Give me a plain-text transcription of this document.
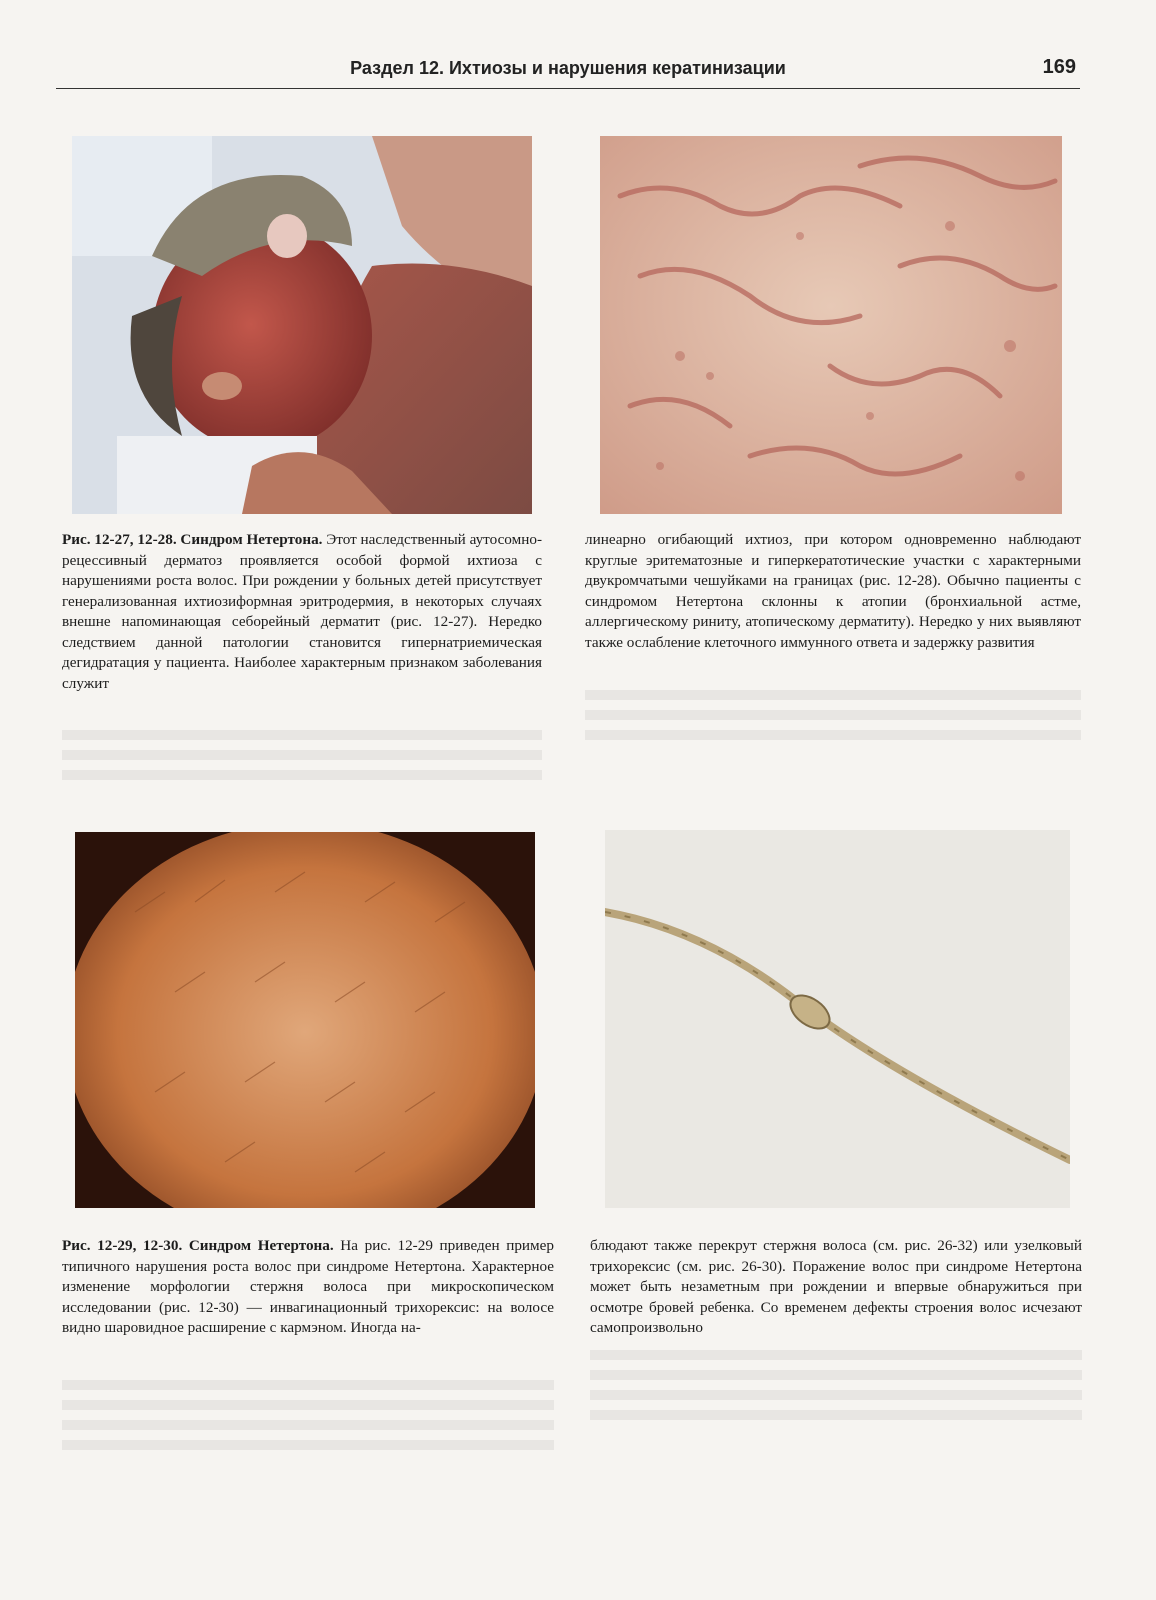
Раздел 12. Ихтиозы и нарушения кератинизации	169
Рис. 12-27, 12-28. Синдром Нетертона. Этот наследственный аутосомно-рецессивный дерматоз проявляется особой формой ихтиоза с нарушениями роста волос. При рождении у больных детей присутствует генерализованная ихтиозиформная эритродермия, в некоторых случаях внешне напоминающая себорейный дерматит (рис. 12-27). Нередко следствием данной патологии становится гипернатриемическая дегидратация у пациента. Наиболее характерным признаком заболевания служит
линеарно огибающий ихтиоз, при котором одновременно наблюдают круглые эритематозные и гиперкератотические участки с характерными двукромчатыми чешуйками на границах (рис. 12-28). Обычно пациенты с синдромом Нетертона склонны к атопии (бронхиальной астме, аллергическому риниту, атопическому дерматиту). Нередко у них выявляют также ослабление клеточного иммунного ответа и задержку развития
Рис. 12-29, 12-30. Синдром Нетертона. На рис. 12-29 приведен пример типичного нарушения роста волос при синдроме Нетертона. Характерное изменение морфологии стержня волоса при микроскопическом исследовании (рис. 12-30) — инвагинационный трихорексис: на волосе видно шаровидное расширение с кармэном. Иногда на-
блюдают также перекрут стержня волоса (см. рис. 26-32) или узелковый трихорексис (см. рис. 26-30). Поражение волос при синдроме Нетертона может быть незаметным при рождении и впервые обнаружиться при осмотре бровей ребенка. Со временем дефекты строения волос исчезают самопроизвольно
